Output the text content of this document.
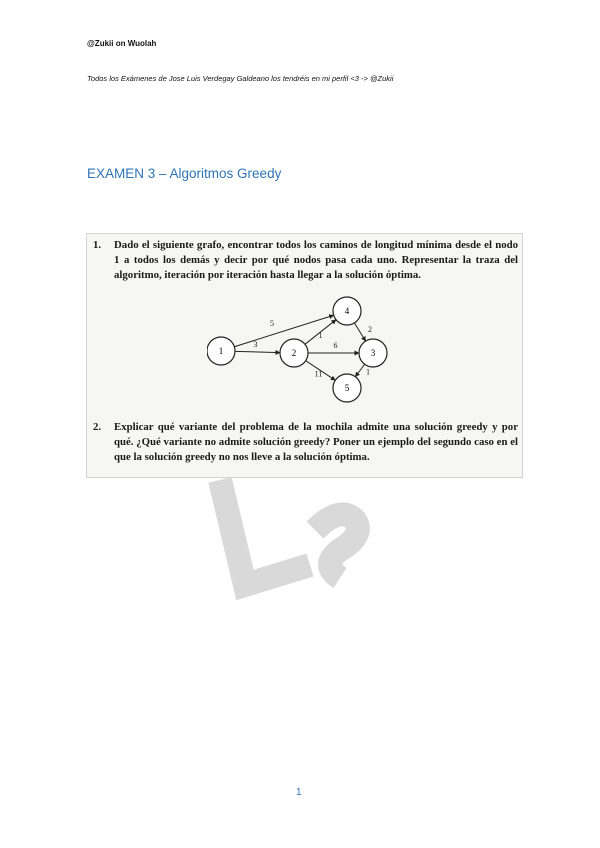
@Zukii on Wuolah
Todos los Exámenes de Jose Luis Verdegay Galdeano los tendréis en mi perfil <3 -> @Zukii
EXAMEN 3 – Algoritmos Greedy
1. Dado el siguiente grafo, encontrar todos los caminos de longitud mínima desde el nodo 1 a todos los demás y decir por qué nodos pasa cada uno. Representar la traza del algoritmo, iteración por iteración hasta llegar a la solución óptima.
5
3
1
6
11
2
1
1	2	3
4
5
2. Explicar qué variante del problema de la mochila admite una solución greedy y por qué. ¿Qué variante no admite solución greedy? Poner un ejemplo del segundo caso en el que la solución greedy no nos lleve a la solución óptima.
1
